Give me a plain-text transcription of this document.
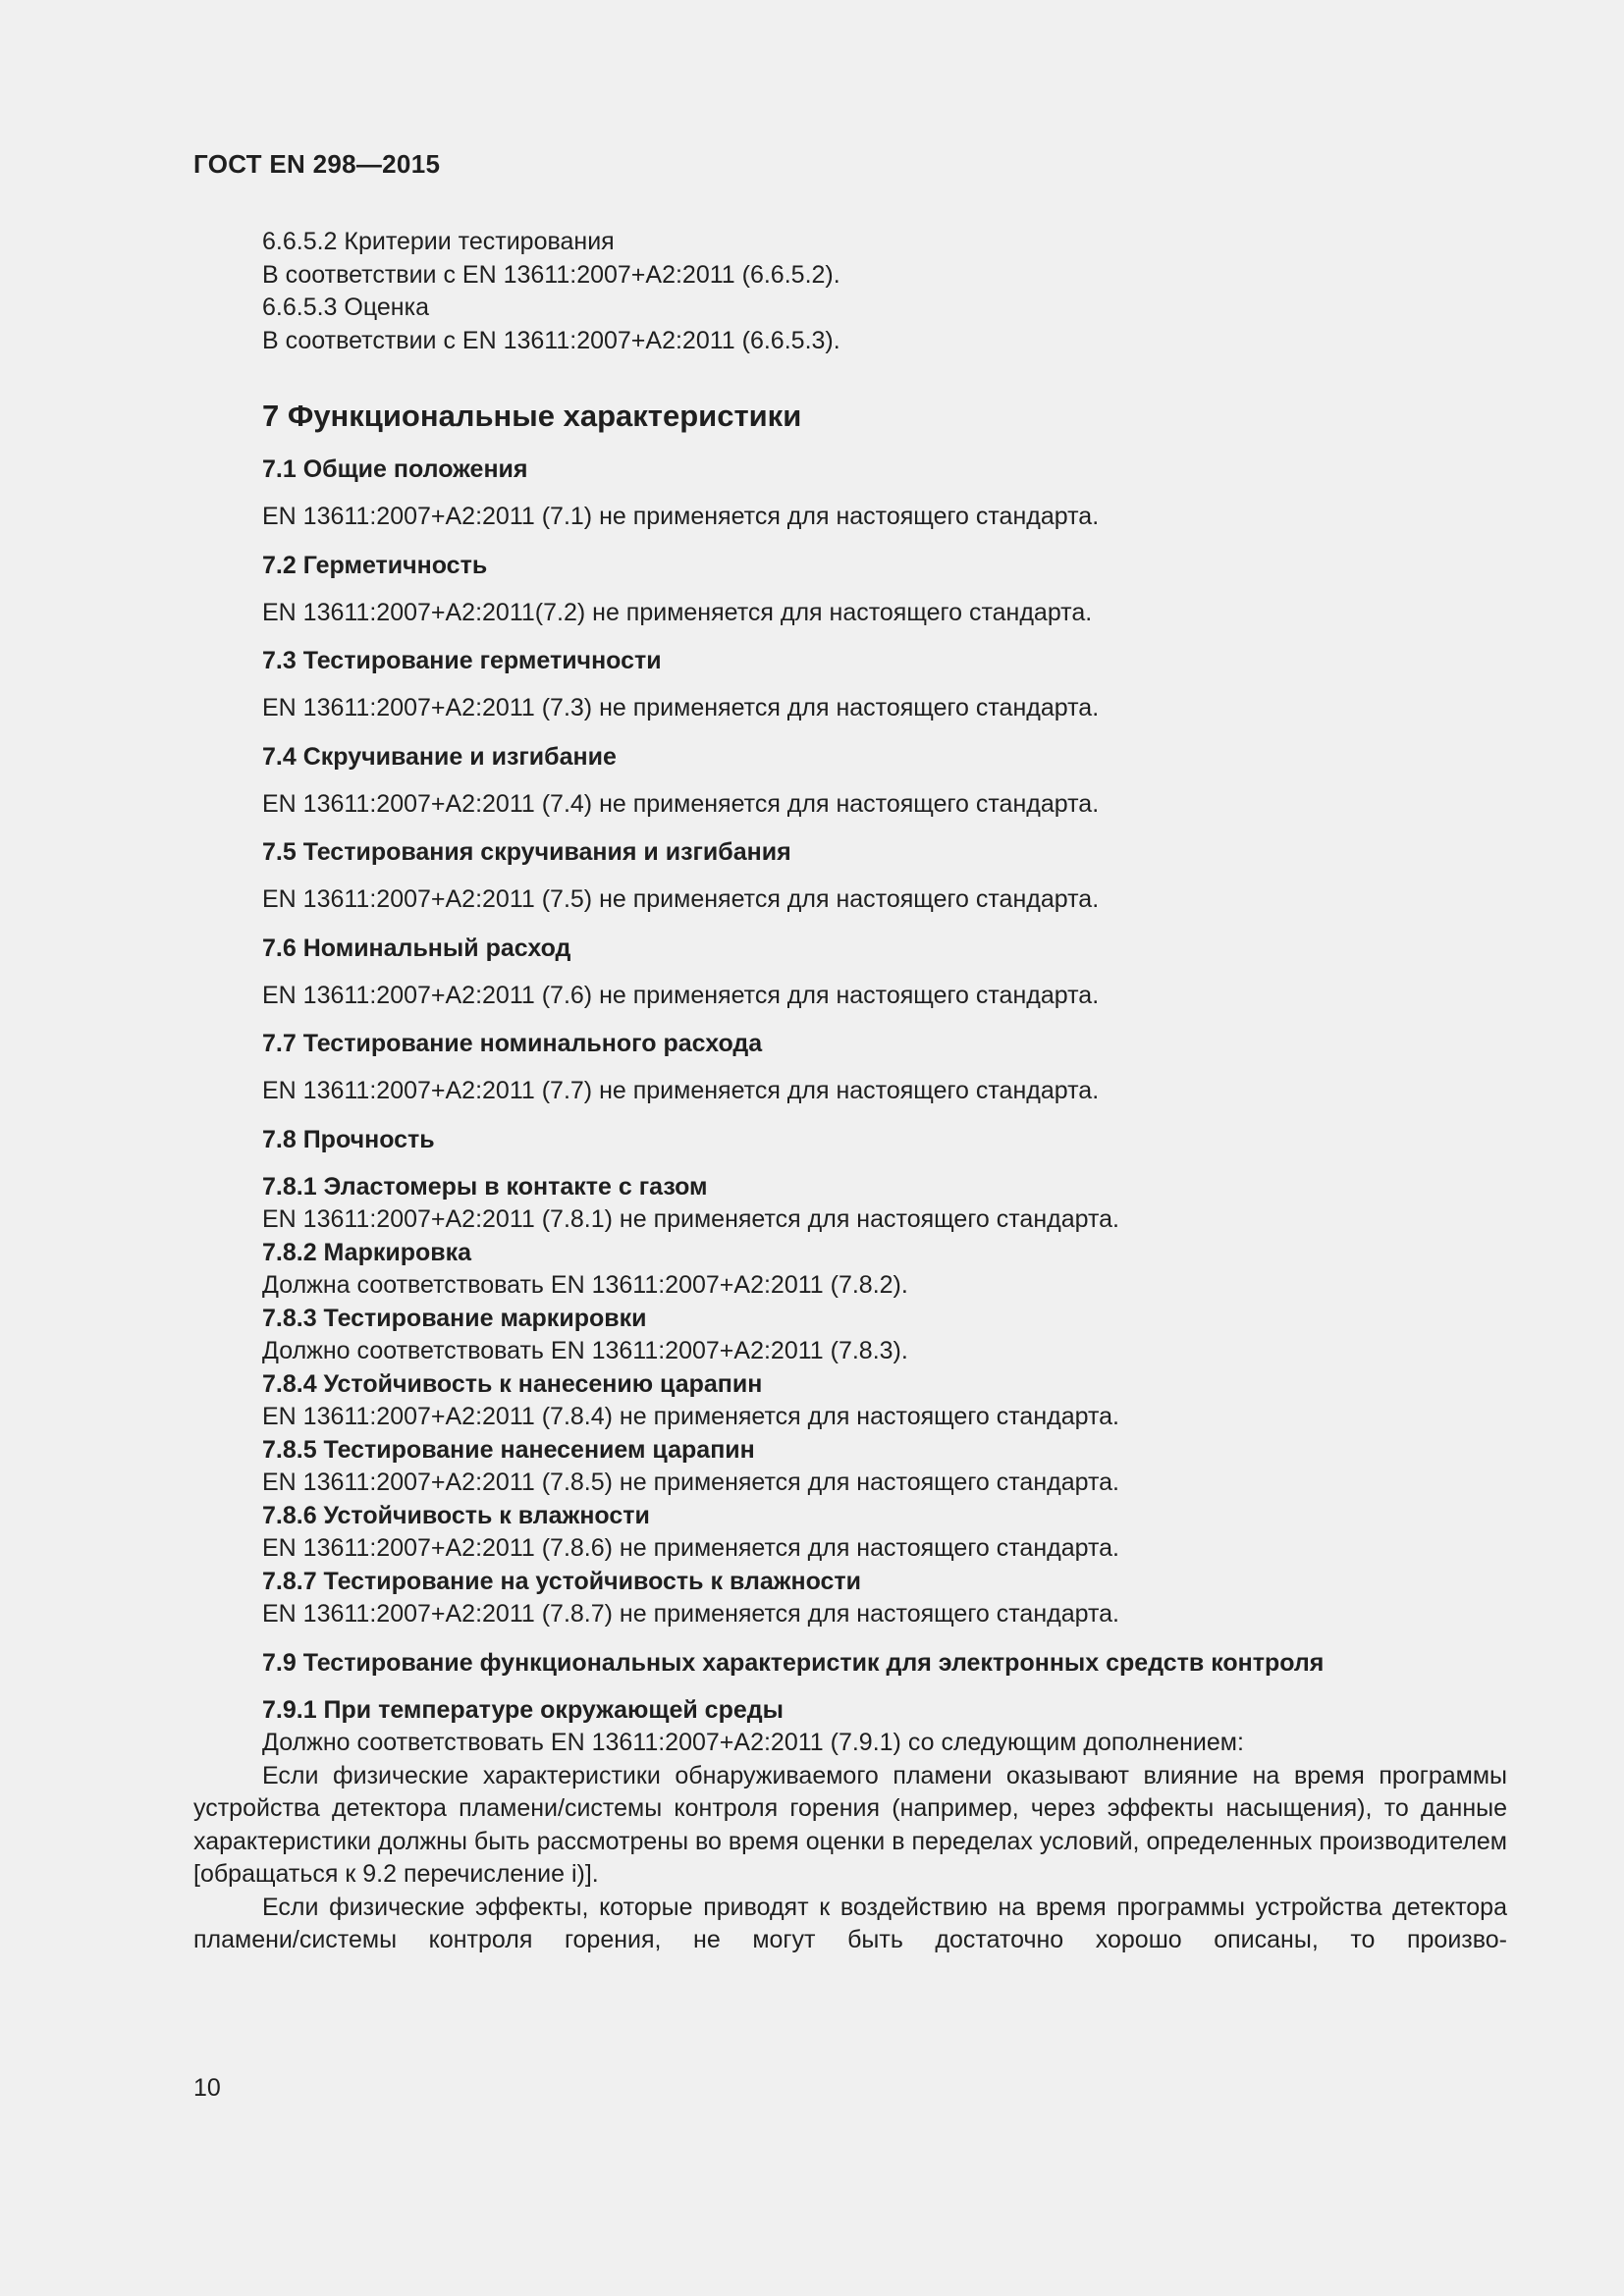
ГОСТ EN 298—2015
6.6.5.2 Критерии тестирования
В соответствии с EN 13611:2007+A2:2011 (6.6.5.2).
6.6.5.3 Оценка
В соответствии с EN 13611:2007+A2:2011 (6.6.5.3).
7 Функциональные характеристики
7.1 Общие положения
EN 13611:2007+A2:2011 (7.1) не применяется для настоящего стандарта.
7.2 Герметичность
EN 13611:2007+A2:2011(7.2) не применяется для настоящего стандарта.
7.3 Тестирование герметичности
EN 13611:2007+A2:2011 (7.3) не применяется для настоящего стандарта.
7.4 Скручивание и изгибание
EN 13611:2007+A2:2011 (7.4) не применяется для настоящего стандарта.
7.5 Тестирования скручивания и изгибания
EN 13611:2007+A2:2011 (7.5) не применяется для настоящего стандарта.
7.6 Номинальный расход
EN 13611:2007+A2:2011 (7.6) не применяется для настоящего стандарта.
7.7 Тестирование номинального расхода
EN 13611:2007+A2:2011 (7.7) не применяется для настоящего стандарта.
7.8 Прочность
7.8.1 Эластомеры в контакте с газом
EN 13611:2007+A2:2011 (7.8.1) не применяется для настоящего стандарта.
7.8.2 Маркировка
Должна соответствовать EN 13611:2007+A2:2011 (7.8.2).
7.8.3 Тестирование маркировки
Должно соответствовать EN 13611:2007+A2:2011 (7.8.3).
7.8.4 Устойчивость к нанесению царапин
EN 13611:2007+A2:2011 (7.8.4) не применяется для настоящего стандарта.
7.8.5 Тестирование нанесением царапин
EN 13611:2007+A2:2011 (7.8.5) не применяется для настоящего стандарта.
7.8.6 Устойчивость к влажности
EN 13611:2007+A2:2011 (7.8.6) не применяется для настоящего стандарта.
7.8.7 Тестирование на устойчивость к влажности
EN 13611:2007+A2:2011 (7.8.7) не применяется для настоящего стандарта.
7.9 Тестирование функциональных характеристик для электронных средств контроля
7.9.1 При температуре окружающей среды
Должно соответствовать EN 13611:2007+A2:2011 (7.9.1) со следующим дополнением:
Если физические характеристики обнаруживаемого пламени оказывают влияние на время программы устройства детектора пламени/системы контроля горения (например, через эффекты насыщения), то данные характеристики должны быть рассмотрены во время оценки в переделах условий, определенных производителем [обращаться к 9.2 перечисление i)].
Если физические эффекты, которые приводят к воздействию на время программы устройства детектора пламени/системы контроля горения, не могут быть достаточно хорошо описаны, то произво-
10
